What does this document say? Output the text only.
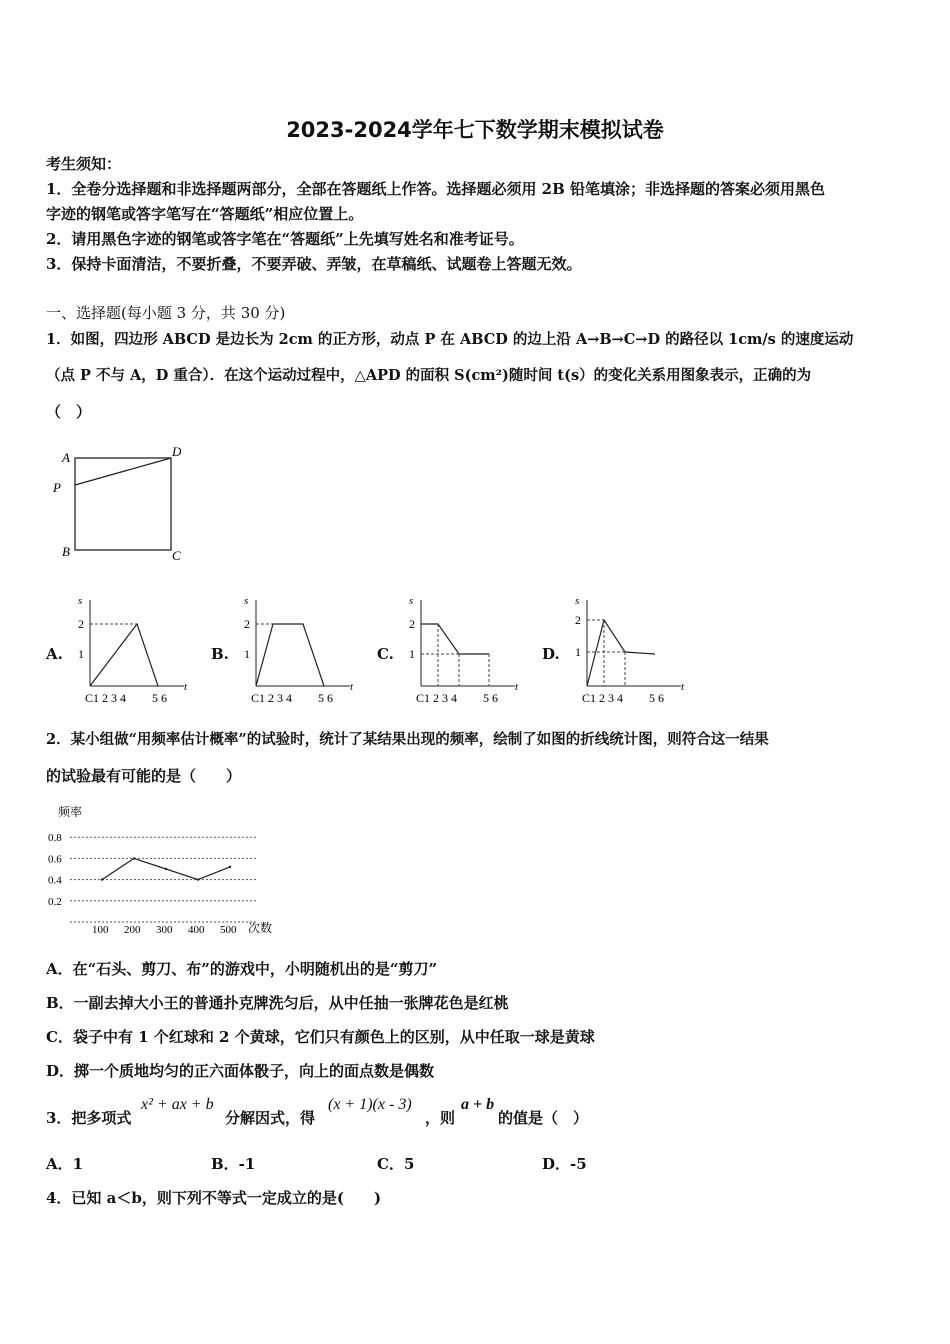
2023-2024学年七下数学期末模拟试卷
考生须知：
1．全卷分选择题和非选择题两部分，全部在答题纸上作答。选择题必须用 2B 铅笔填涂；非选择题的答案必须用黑色
字迹的钢笔或答字笔写在“答题纸”相应位置上。
2．请用黑色字迹的钢笔或答字笔在“答题纸”上先填写姓名和准考证号。
3．保持卡面清洁，不要折叠，不要弄破、弄皱，在草稿纸、试题卷上答题无效。
一、选择题(每小题 3 分，共 30 分)
1．如图，四边形 ABCD 是边长为 2cm 的正方形，动点 P 在 ABCD 的边上沿 A→B→C→D 的路径以 1cm/s 的速度运动
（点 P 不与 A，D 重合）．在这个运动过程中，△APD 的面积 S(cm²)随时间 t(s）的变化关系用图象表示，正确的为
（　）
A	D
P
B	C
A.	B.	C.	D.
s
2
1
C1 2 3 4 5 6
t
s
2
1
C1 2 3 4 5 6
t
s
2
1
C1 2 3 4 5 6
t
s
2
1
C1 2 3 4 5 6
t
2．某小组做“用频率估计概率”的试验时，统计了某结果出现的频率，绘制了如图的折线统计图，则符合这一结果
的试验最有可能的是（　　）
频率
次数
0.8
0.6
0.4
0.2
100 200 300 400 500
A．在“石头、剪刀、布”的游戏中，小明随机出的是“剪刀”
B．一副去掉大小王的普通扑克牌洗匀后，从中任抽一张牌花色是红桃
C．袋子中有 1 个红球和 2 个黄球，它们只有颜色上的区别，从中任取一球是黄球
D．掷一个质地均匀的正六面体骰子，向上的面点数是偶数
3．把多项式
x² + ax + b
分解因式，得
(x + 1)(x - 3)
，则
a + b
的值是（　）
A．1	B．-1	C．5	D．-5
4．已知 a＜b，则下列不等式一定成立的是(　　)
